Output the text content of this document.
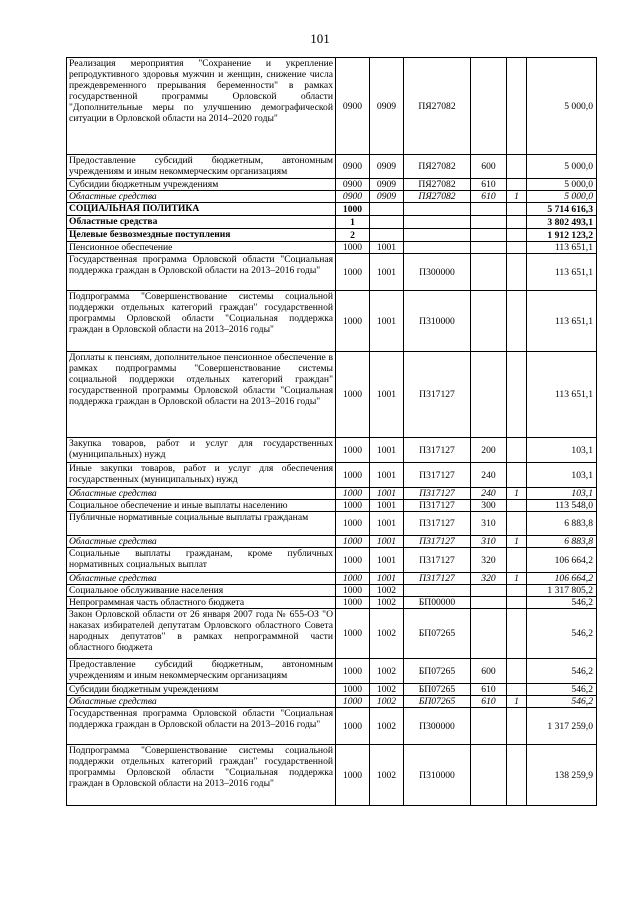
101
Реализация мероприятия "Сохранение и укрепление репродуктивного здоровья мужчин и женщин, снижение числа преждевременного прерывания беременности" в рамках государственной программы Орловской области "Дополнительные меры по улучшению демографической ситуации в Орловской области на 2014–2020 годы"	0900	0909	ПЯ27082			5 000,0
Предоставление субсидий бюджетным, автономным учреждениям и иным некоммерческим организациям	0900	0909	ПЯ27082	600		5 000,0
Субсидии бюджетным учреждениям	0900	0909	ПЯ27082	610		5 000,0
Областные средства	0900	0909	ПЯ27082	610	1	5 000,0
СОЦИАЛЬНАЯ ПОЛИТИКА	1000					5 714 616,3
Областные средства	1					3 802 493,1
Целевые безвозмездные поступления	2					1 912 123,2
Пенсионное обеспечение	1000	1001				113 651,1
Государственная программа Орловской области "Социальная поддержка граждан в Орловской области на 2013–2016 годы"	1000	1001	П300000			113 651,1
Подпрограмма "Совершенствование системы социальной поддержки отдельных категорий граждан" государственной программы Орловской области "Социальная поддержка граждан в Орловской области на 2013–2016 годы"	1000	1001	П310000			113 651,1
Доплаты к пенсиям, дополнительное пенсионное обеспечение в рамках подпрограммы "Совершенствование системы социальной поддержки отдельных категорий граждан" государственной программы Орловской области "Социальная поддержка граждан в Орловской области на 2013–2016 годы"	1000	1001	П317127			113 651,1
Закупка товаров, работ и услуг для государственных (муниципальных) нужд	1000	1001	П317127	200		103,1
Иные закупки товаров, работ и услуг для обеспечения государственных (муниципальных) нужд	1000	1001	П317127	240		103,1
Областные средства	1000	1001	П317127	240	1	103,1
Социальное обеспечение и иные выплаты населению	1000	1001	П317127	300		113 548,0
Публичные нормативные социальные выплаты гражданам	1000	1001	П317127	310		6 883,8
Областные средства	1000	1001	П317127	310	1	6 883,8
Социальные выплаты гражданам, кроме публичных нормативных социальных выплат	1000	1001	П317127	320		106 664,2
Областные средства	1000	1001	П317127	320	1	106 664,2
Социальное обслуживание населения	1000	1002				1 317 805,2
Непрограммная часть областного бюджета	1000	1002	БП00000			546,2
Закон Орловской области от 26 января 2007 года № 655-ОЗ "О наказах избирателей депутатам Орловского областного Совета народных депутатов" в рамках непрограммной части областного бюджета	1000	1002	БП07265			546,2
Предоставление субсидий бюджетным, автономным учреждениям и иным некоммерческим организациям	1000	1002	БП07265	600		546,2
Субсидии бюджетным учреждениям	1000	1002	БП07265	610		546,2
Областные средства	1000	1002	БП07265	610	1	546,2
Государственная программа Орловской области "Социальная поддержка граждан в Орловской области на 2013–2016 годы"	1000	1002	П300000			1 317 259,0
Подпрограмма "Совершенствование системы социальной поддержки отдельных категорий граждан" государственной программы Орловской области "Социальная поддержка граждан в Орловской области на 2013–2016 годы"	1000	1002	П310000			138 259,9
